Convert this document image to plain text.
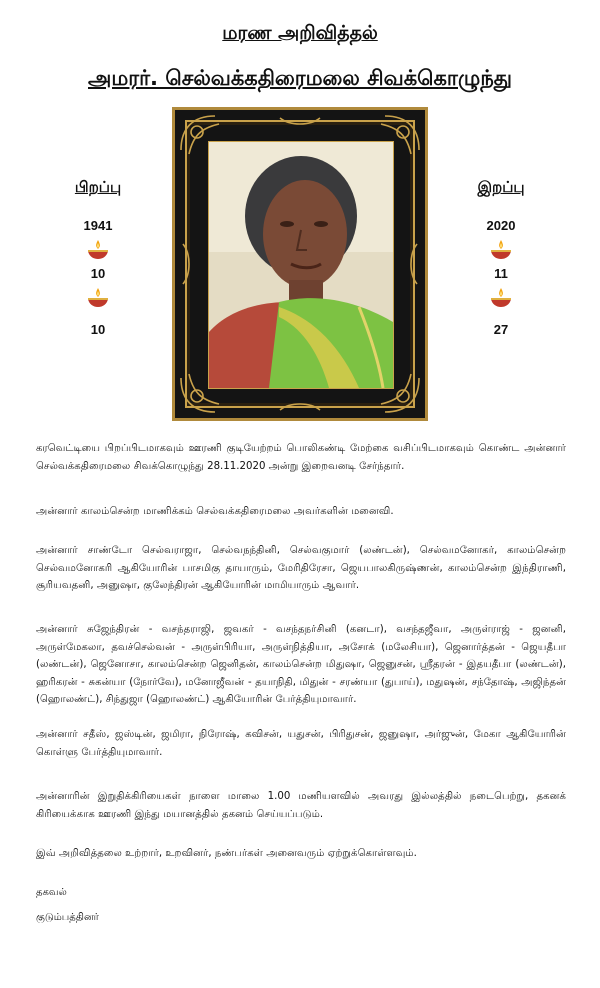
மரண அறிவித்தல்
அமரர். செல்வக்கதிரைமலை சிவக்கொழுந்து
பிறப்பு
1941
10
10
இறப்பு
2020
11
27

கரவெட்டியை பிறப்பிடமாகவும் ஊரணி குடியேற்றம் பொலிகண்டி மேற்கை வசிப்பிடமாகவும் கொண்ட அன்னார் செல்வக்கதிரைமலை சிவக்கொழுந்து 28.11.2020 அன்று இறைவனடி சேர்ந்தார்.

அன்னார் காலம்சென்ற மாணிக்கம் செல்வக்கதிரைமலை அவர்களின் மனைவி.

அன்னார் சாண்டோ செல்வராஜா, செல்வநந்தினி, செல்வகுமார் (லண்டன்), செல்வமனோகர், காலம்சென்ற செல்வமனோகரி ஆகியோரின் பாசமிகு தாயாரும், மேரிதிரேசா, ஜெயபாலகிருஷ்ணன், காலம்சென்ற இந்திராணி, சூரியவதனி, அனுஷா, குலேந்திரன் ஆகியோரின் மாமியாரும் ஆவார்.

அன்னார் சுஜேந்திரன் - வசந்தராஜி, ஜவகர் - வசந்தநர்சினி (கனடா), வசந்தஜீவா, அருள்ராஜ் - ஜனனி, அருள்மேகலா, தவச்செல்வன் - அருள்பிரியா, அருள்நித்தியா, அசோக் (மலேசியா), ஜெனார்த்தன் - ஜெயதீபா (லண்டன்), ஜெனோசா, காலம்சென்ற ஜெனிதன், காலம்சென்ற மிதுஷா, ஜெனுசன், ஸ்ரீதரன் - இதயதீபா (லண்டன்), ஹரிகரன் - சுகன்யா (நோர்வே), மனோஜீவன் - தயாநிதி, மிதுன் - சரண்யா (துபாய்), மதுஷன், சந்தோஷ், அஜிந்தன் (ஹொலண்ட்), சிந்துஜா (ஹொலண்ட்) ஆகியோரின் பேர்த்தியுமாவார்.

அன்னார் சதீஸ், ஜஸ்டின், ஜமிரா, நிரோஷ், கவிசன், யதுசன், பிரிதுசன், ஜனுஷா, அர்ஜுன், மேகா ஆகியோரின் கொள்ளு பேர்த்தியுமாவார்.

அன்னாரின் இறுதிக்கிரியைகள் நாளை மாலை 1.00 மணியளவில் அவரது இல்லத்தில் நடைபெற்று, தகனக் கிரியைக்காக ஊரணி இந்து மயானத்தில் தகனம் செய்யப்படும்.

இவ் அறிவித்தலை உற்றார், உறவினர், நண்பர்கள் அனைவரும் ஏற்றுக்கொள்ளவும்.

தகவல்

குடும்பத்தினர்
